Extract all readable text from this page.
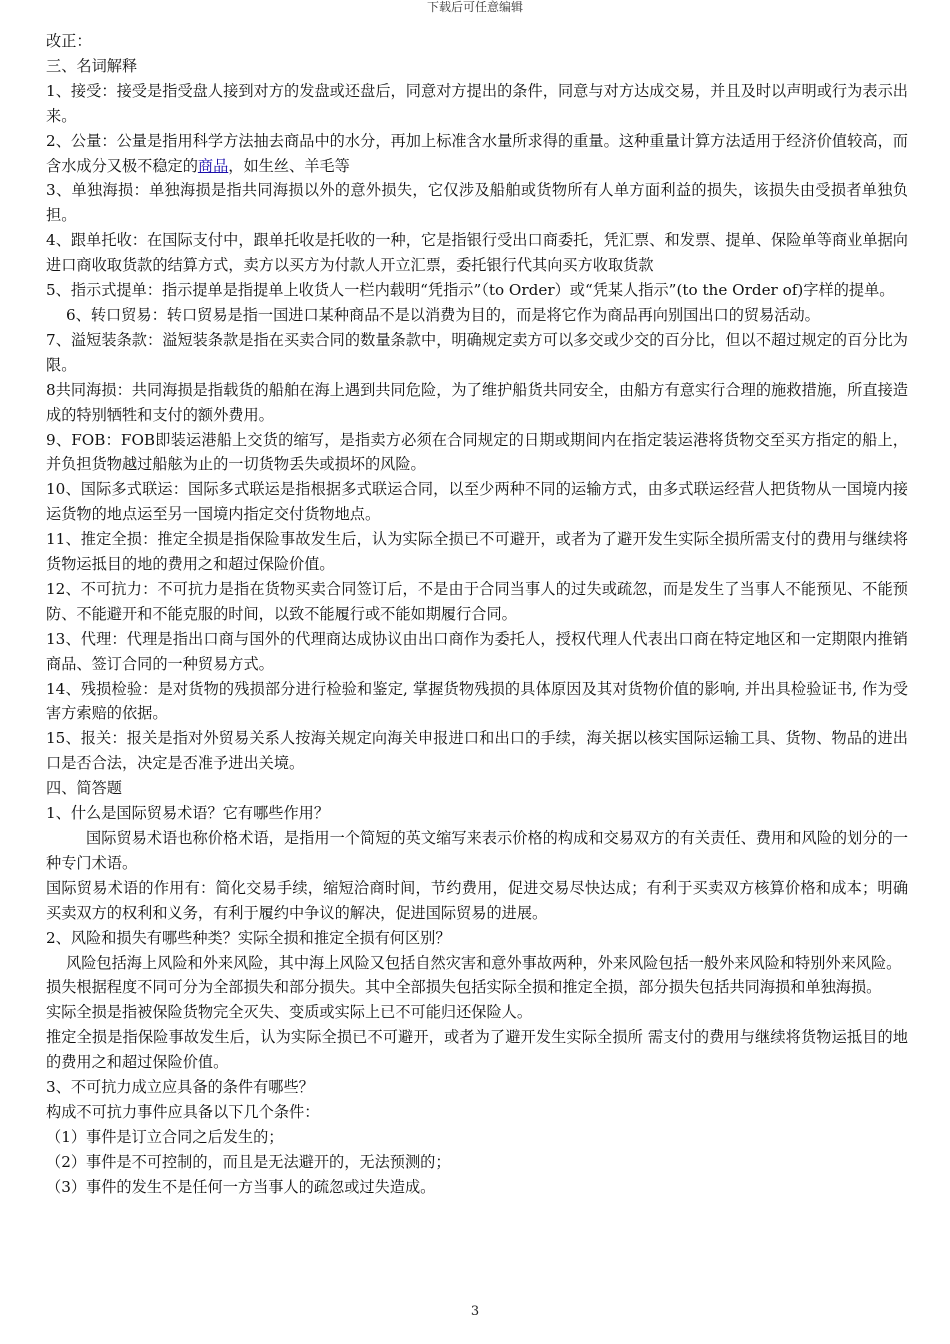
下载后可任意编辑

改正：

三、名词解释

1、接受：接受是指受盘人接到对方的发盘或还盘后，同意对方提出的条件，同意与对方达成交易，并且及时以声明或行为表示出来。

2、公量：公量是指用科学方法抽去商品中的水分，再加上标准含水量所求得的重量。这种重量计算方法适用于经济价值较高，而含水成分又极不稳定的商品，如生丝、羊毛等

3、单独海损：单独海损是指共同海损以外的意外损失，它仅涉及船舶或货物所有人单方面利益的损失，该损失由受损者单独负担。

4、跟单托收：在国际支付中，跟单托收是托收的一种，它是指银行受出口商委托，凭汇票、和发票、提单、保险单等商业单据向进口商收取货款的结算方式，卖方以买方为付款人开立汇票，委托银行代其向买方收取货款

5、指示式提单：指示提单是指提单上收货人一栏内载明“凭指示”（to Order）或“凭某人指示”(to the Order of)字样的提单。

6、转口贸易：转口贸易是指一国进口某种商品不是以消费为目的，而是将它作为商品再向别国出口的贸易活动。

7、溢短装条款：溢短装条款是指在买卖合同的数量条款中，明确规定卖方可以多交或少交的百分比，但以不超过规定的百分比为限。

8共同海损：共同海损是指载货的船舶在海上遇到共同危险，为了维护船货共同安全，由船方有意实行合理的施救措施，所直接造成的特别牺牲和支付的额外费用。

9、FOB：FOB即装运港船上交货的缩写，是指卖方必须在合同规定的日期或期间内在指定装运港将货物交至买方指定的船上，并负担货物越过船舷为止的一切货物丢失或损坏的风险。

10、国际多式联运：国际多式联运是指根据多式联运合同，以至少两种不同的运输方式，由多式联运经营人把货物从一国境内接运货物的地点运至另一国境内指定交付货物地点。

11、推定全损：推定全损是指保险事故发生后，认为实际全损已不可避开，或者为了避开发生实际全损所需支付的费用与继续将货物运抵目的地的费用之和超过保险价值。

12、不可抗力：不可抗力是指在货物买卖合同签订后，不是由于合同当事人的过失或疏忽，而是发生了当事人不能预见、不能预防、不能避开和不能克服的时间，以致不能履行或不能如期履行合同。

13、代理：代理是指出口商与国外的代理商达成协议由出口商作为委托人，授权代理人代表出口商在特定地区和一定期限内推销商品、签订合同的一种贸易方式。

14、残损检验：是对货物的残损部分进行检验和鉴定, 掌握货物残损的具体原因及其对货物价值的影响, 并出具检验证书, 作为受害方索赔的依据。

15、报关：报关是指对外贸易关系人按海关规定向海关申报进口和出口的手续，海关据以核实国际运输工具、货物、物品的进出口是否合法，决定是否准予进出关境。

四、简答题

1、什么是国际贸易术语？它有哪些作用？

国际贸易术语也称价格术语，是指用一个简短的英文缩写来表示价格的构成和交易双方的有关责任、费用和风险的划分的一种专门术语。

国际贸易术语的作用有：简化交易手续，缩短洽商时间，节约费用，促进交易尽快达成；有利于买卖双方核算价格和成本；明确买卖双方的权利和义务，有利于履约中争议的解决，促进国际贸易的进展。

2、风险和损失有哪些种类？实际全损和推定全损有何区别？

风险包括海上风险和外来风险，其中海上风险又包括自然灾害和意外事故两种，外来风险包括一般外来风险和特别外来风险。

损失根据程度不同可分为全部损失和部分损失。其中全部损失包括实际全损和推定全损，部分损失包括共同海损和单独海损。

实际全损是指被保险货物完全灭失、变质或实际上已不可能归还保险人。

推定全损是指保险事故发生后，认为实际全损已不可避开，或者为了避开发生实际全损所 需支付的费用与继续将货物运抵目的地的费用之和超过保险价值。

3、不可抗力成立应具备的条件有哪些？

构成不可抗力事件应具备以下几个条件：

（1）事件是订立合同之后发生的；

（2）事件是不可控制的，而且是无法避开的，无法预测的；

（3）事件的发生不是任何一方当事人的疏忽或过失造成。

3
